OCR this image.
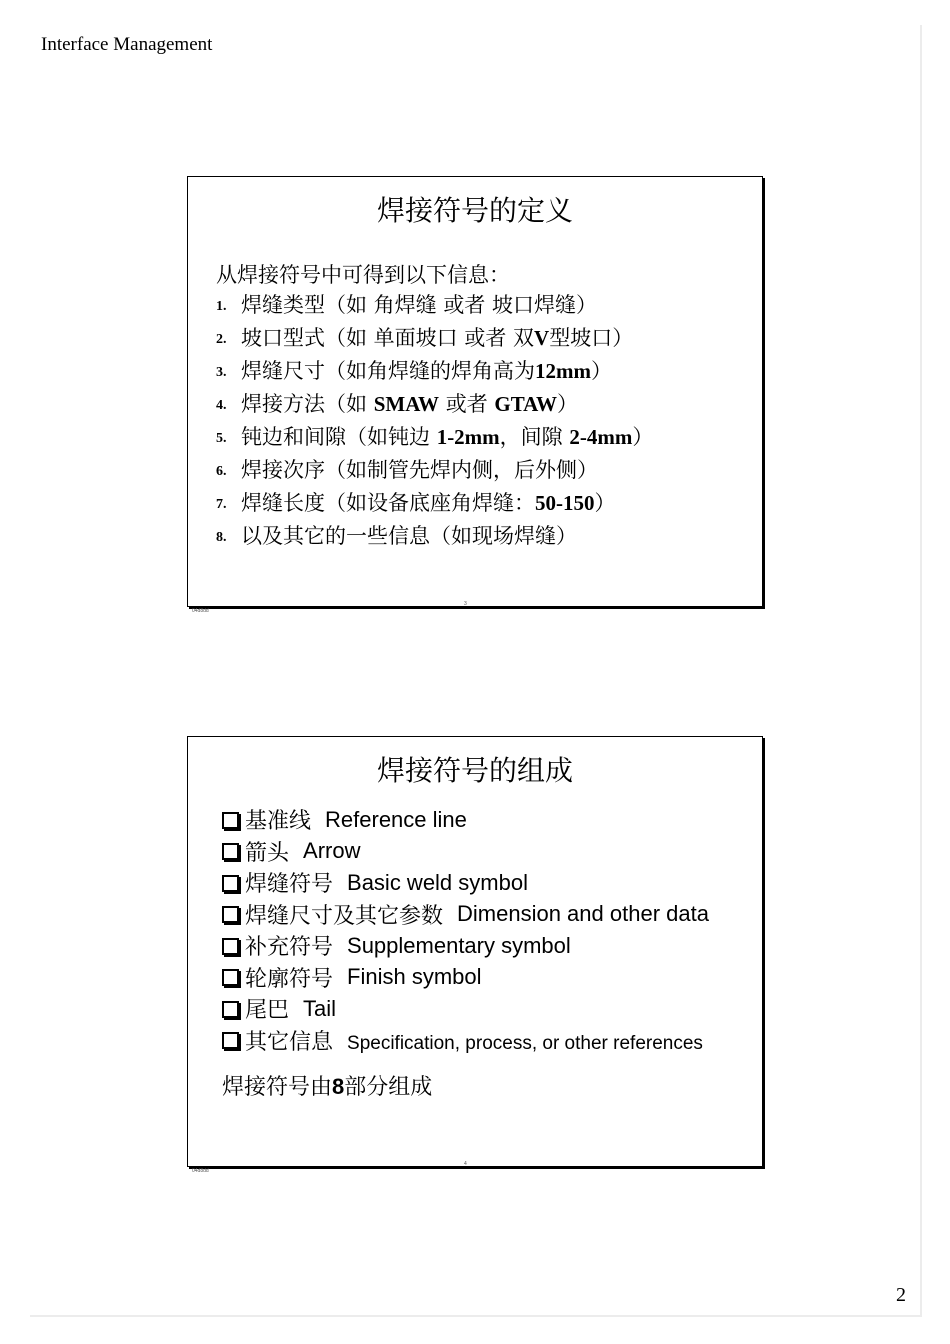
Interface Management
焊接符号的定义
从焊接符号中可得到以下信息：
1. 焊缝类型（如 角焊缝 或者 坡口焊缝）
2. 坡口型式（如 单面坡口 或者 双V型坡口）
3. 焊缝尺寸（如角焊缝的焊角高为12mm）
4. 焊接方法（如 SMAW 或者 GTAW）
5. 钝边和间隙（如钝边 1-2mm，间隙 2-4mm）
6. 焊接次序（如制管先焊内侧，后外侧）
7. 焊缝长度（如设备底座角焊缝：50-150）
8. 以及其它的一些信息（如现场焊缝）
3
04d8dd
焊接符号的组成
基准线 Reference line
箭头 Arrow
焊缝符号 Basic weld symbol
焊缝尺寸及其它参数 Dimension and other data
补充符号 Supplementary symbol
轮廓符号 Finish symbol
尾巴 Tail
其它信息 Specification, process, or other references
焊接符号由8部分组成
4
04d8dd
2
